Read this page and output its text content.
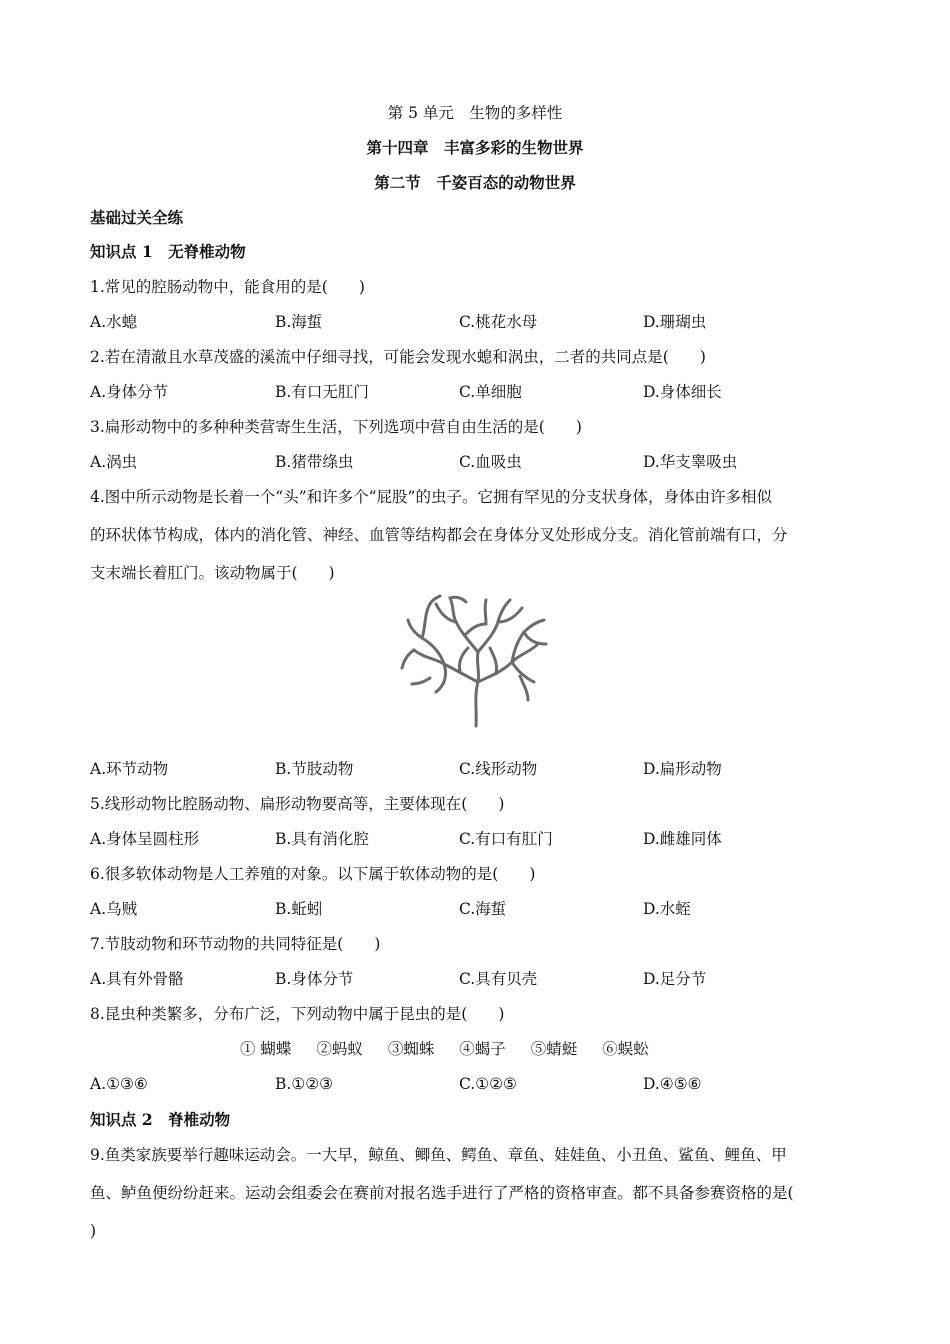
第 5 单元　生物的多样性
第十四章　丰富多彩的生物世界
第二节　千姿百态的动物世界
基础过关全练
知识点 1　无脊椎动物
1.常见的腔肠动物中，能食用的是(　　)
A.水螅	B.海蜇	C.桃花水母	D.珊瑚虫
2.若在清澈且水草茂盛的溪流中仔细寻找，可能会发现水螅和涡虫，二者的共同点是(　　)
A.身体分节	B.有口无肛门	C.单细胞	D.身体细长
3.扁形动物中的多种种类营寄生生活，下列选项中营自由生活的是(　　)
A.涡虫	B.猪带绦虫	C.血吸虫	D.华支睾吸虫
4.图中所示动物是长着一个“头”和许多个“屁股”的虫子。它拥有罕见的分支状身体，身体由许多相似
的环状体节构成，体内的消化管、神经、血管等结构都会在身体分叉处形成分支。消化管前端有口，分
支末端长着肛门。该动物属于(　　)
A.环节动物	B.节肢动物	C.线形动物	D.扁形动物
5.线形动物比腔肠动物、扁形动物要高等，主要体现在(　　)
A.身体呈圆柱形	B.具有消化腔	C.有口有肛门	D.雌雄同体
6.很多软体动物是人工养殖的对象。以下属于软体动物的是(　　)
A.乌贼	B.蚯蚓	C.海蜇	D.水蛭
7.节肢动物和环节动物的共同特征是(　　)
A.具有外骨骼	B.身体分节	C.具有贝壳	D.足分节
8.昆虫种类繁多，分布广泛，下列动物中属于昆虫的是(　　)
① 蝴蝶 ②蚂蚁 ③蜘蛛 ④蝎子 ⑤蜻蜓 ⑥蜈蚣
A.①③⑥	B.①②③	C.①②⑤	D.④⑤⑥
知识点 2　脊椎动物
9.鱼类家族要举行趣味运动会。一大早，鲸鱼、鲫鱼、鳄鱼、章鱼、娃娃鱼、小丑鱼、鲨鱼、鲤鱼、甲
鱼、鲈鱼便纷纷赶来。运动会组委会在赛前对报名选手进行了严格的资格审查。都不具备参赛资格的是(
)
